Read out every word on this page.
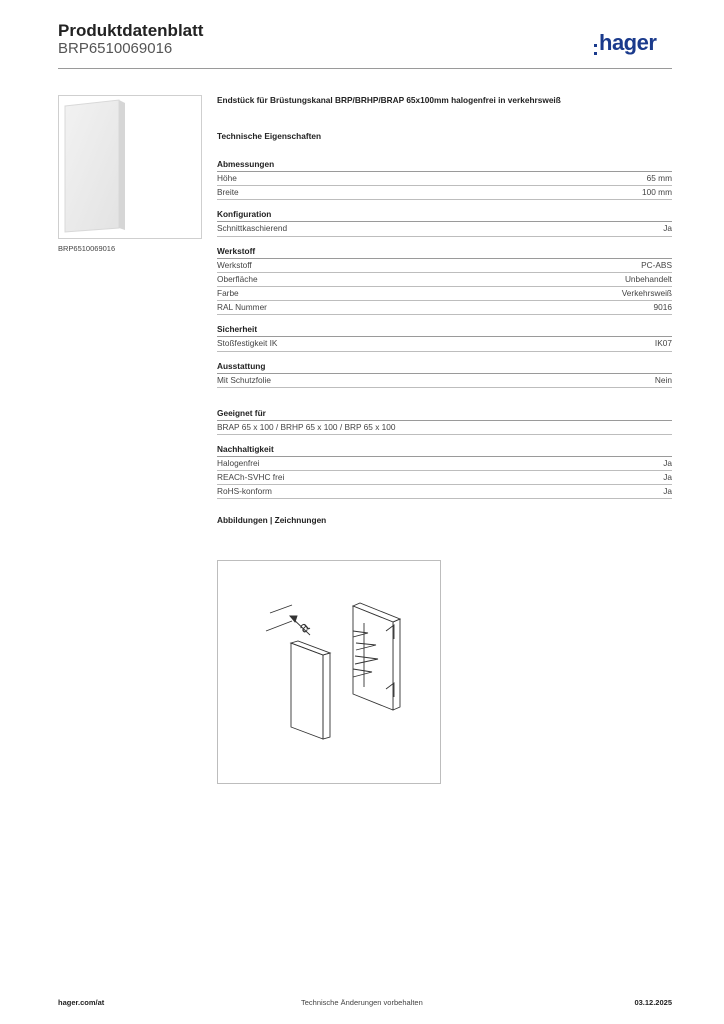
Produktdatenblatt
BRP6510069016	hager
BRP6510069016
Endstück für Brüstungskanal BRP/BRHP/BRAP 65x100mm halogenfrei in verkehrsweiß
Technische Eigenschaften
Abmessungen
Höhe	65 mm
Breite	100 mm
Konfiguration
Schnittkaschierend	Ja
Werkstoff
Werkstoff	PC-ABS
Oberfläche	Unbehandelt
Farbe	Verkehrsweiß
RAL Nummer	9016
Sicherheit
Stoßfestigkeit IK	IK07
Ausstattung
Mit Schutzfolie	Nein
Geeignet für
BRAP 65 x 100 / BRHP 65 x 100 / BRP 65 x 100
Nachhaltigkeit
Halogenfrei	Ja
REACh-SVHC frei	Ja
RoHS-konform	Ja
Abbildungen | Zeichnungen
a
hager.com/at	Technische Änderungen vorbehalten	03.12.2025
